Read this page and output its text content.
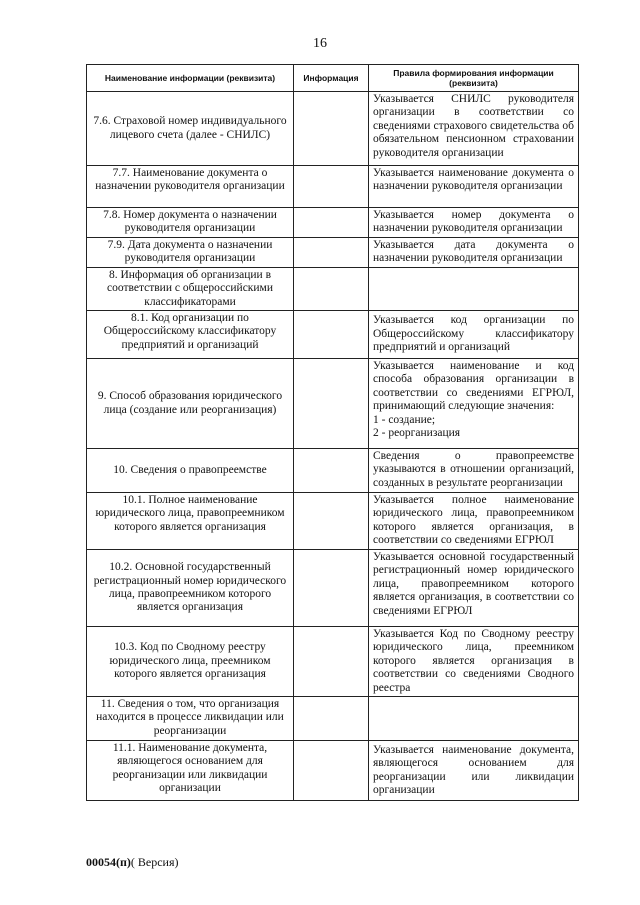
16
Наименование информации (реквизита)	Информация	Правила формирования информации (реквизита)
7.6. Страховой номер индивидуального лицевого счета (далее - СНИЛС)		Указывается СНИЛС руководителя организации в соответствии со сведениями страхового свидетельства об обязательном пенсионном страховании руководителя организации
7.7. Наименование документа о назначении руководителя организации		Указывается наименование документа о назначении руководителя организации
7.8. Номер документа о назначении руководителя организации		Указывается номер документа о назначении руководителя организации
7.9. Дата документа о назначении руководителя организации		Указывается дата документа о назначении руководителя организации
8. Информация об организации в соответствии с общероссийскими классификаторами		
8.1. Код организации по Общероссийскому классификатору предприятий и организаций		Указывается код организации по Общероссийскому классификатору предприятий и организаций
9. Способ образования юридического лица (создание или реорганизация)		Указывается наименование и код способа образования организации в соответствии со сведениями ЕГРЮЛ, принимающий следующие значения:
1 - создание;
2 - реорганизация

10. Сведения о правопреемстве		Сведения о правопреемстве указываются в отношении организаций, созданных в результате реорганизации
10.1. Полное наименование юридического лица, правопреемником которого является организация		Указывается полное наименование юридического лица, правопреемником которого является организация, в соответствии со сведениями ЕГРЮЛ
10.2. Основной государственный регистрационный номер юридического лица, правопреемником которого является организация		Указывается основной государственный регистрационный номер юридического лица, правопреемником которого является организация, в соответствии со сведениями ЕГРЮЛ
10.3. Код по Сводному реестру юридического лица, преемником которого является организация		Указывается Код по Сводному реестру юридического лица, преемником которого является организация в соответствии со сведениями Сводного реестра
11. Сведения о том, что организация находится в процессе ликвидации или реорганизации		
11.1. Наименование документа, являющегося основанием для реорганизации или ликвидации организации		Указывается наименование документа, являющегося основанием для реорганизации или ликвидации организации
00054(п)( Версия)
